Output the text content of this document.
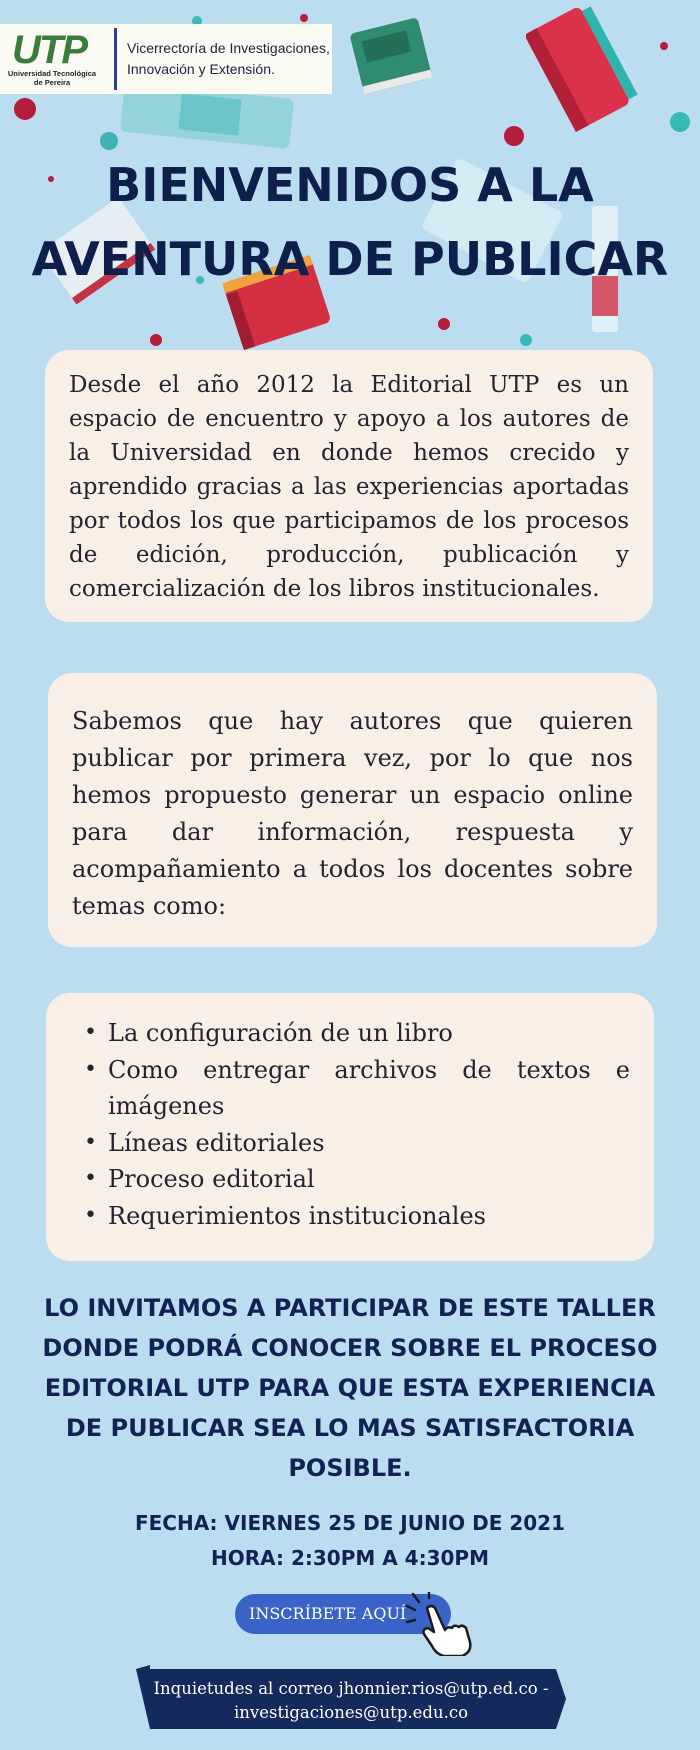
UTP
Universidad Tecnológica de Pereira
Vicerrectoría de Investigaciones,
Innovación y Extensión.
BIENVENIDOS A LA
AVENTURA DE PUBLICAR

Desde el año 2012 la Editorial UTP es un espacio de encuentro y apoyo a los autores de la Universidad en donde hemos crecido y aprendido gracias a las experiencias aportadas por todos los que participamos de los procesos de edición, producción, publicación y comercialización de los libros institucionales.

Sabemos que hay autores que quieren publicar por primera vez, por lo que nos hemos propuesto generar un espacio online para dar información, respuesta y acompañamiento a todos los docentes sobre temas como:

• La configuración de un libro
• Como entregar archivos de textos e imágenes
• Líneas editoriales
• Proceso editorial
• Requerimientos institucionales
LO INVITAMOS A PARTICIPAR DE ESTE TALLER DONDE PODRÁ CONOCER SOBRE EL PROCESO EDITORIAL UTP PARA QUE ESTA EXPERIENCIA DE PUBLICAR SEA LO MAS SATISFACTORIA POSIBLE.
FECHA: VIERNES 25 DE JUNIO DE 2021
HORA: 2:30PM A 4:30PM
INSCRÍBETE AQUÍ
Inquietudes al correo jhonnier.rios@utp.ed.co -
investigaciones@utp.edu.co
